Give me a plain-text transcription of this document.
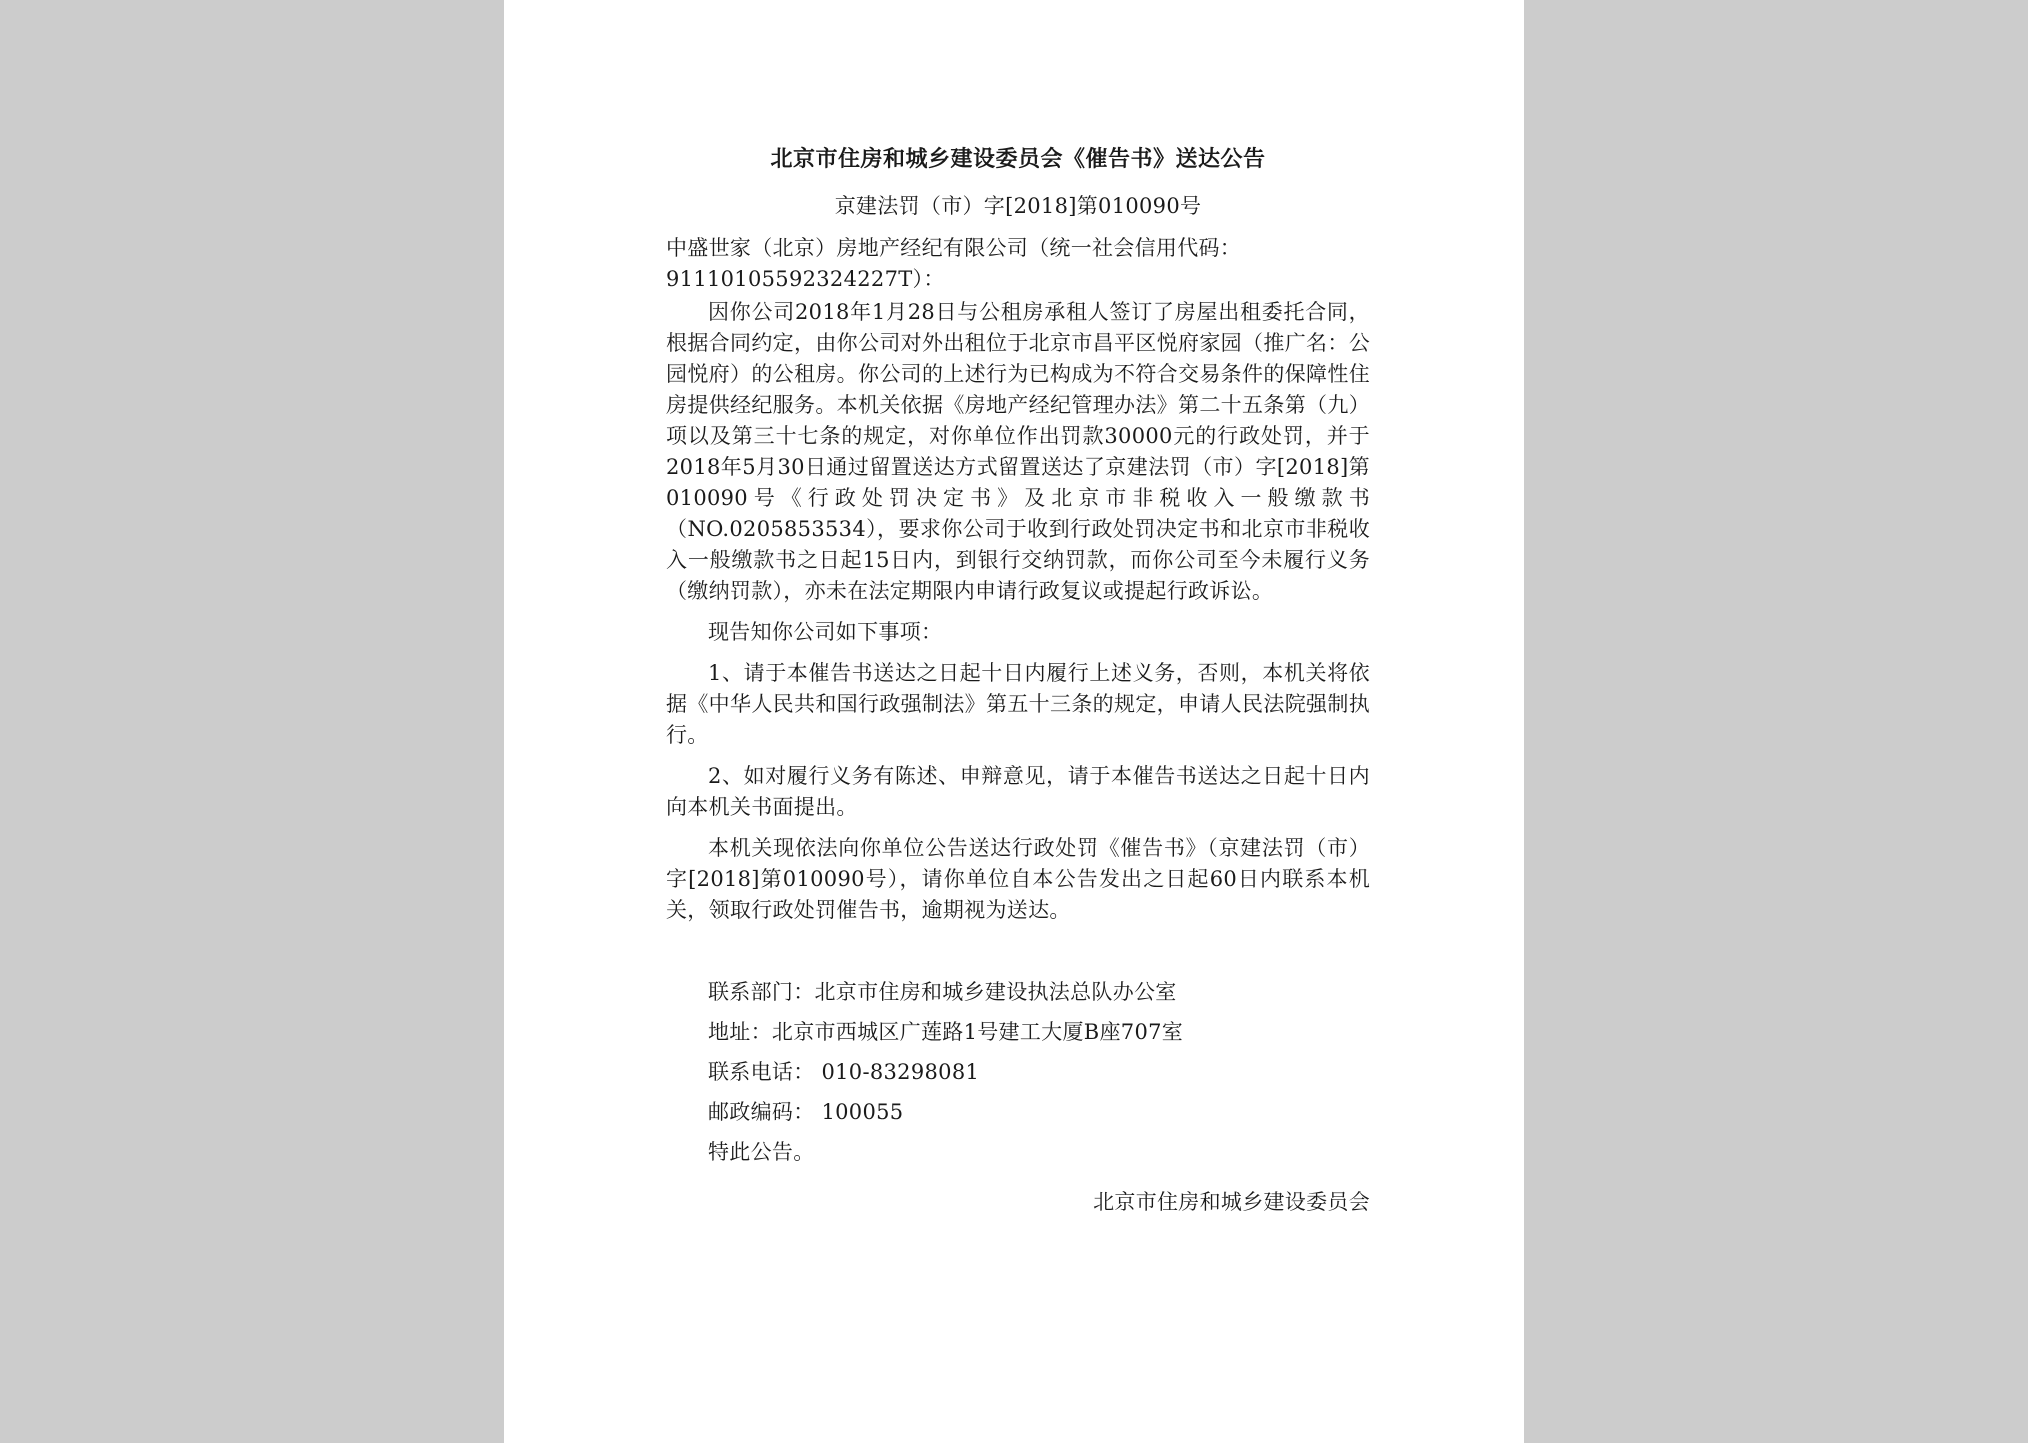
北京市住房和城乡建设委员会《催告书》送达公告
京建法罚（市）字[2018]第010090号

中盛世家（北京）房地产经纪有限公司（统一社会信用代码：91110105592324227T）：

因你公司2018年1月28日与公租房承租人签订了房屋出租委托合同，根据合同约定，由你公司对外出租位于北京市昌平区悦府家园（推广名：公园悦府）的公租房。你公司的上述行为已构成为不符合交易条件的保障性住房提供经纪服务。本机关依据《房地产经纪管理办法》第二十五条第（九）项以及第三十七条的规定，对你单位作出罚款30000元的行政处罚，并于2018年5月30日通过留置送达方式留置送达了京建法罚（市）字[2018]第010090号《行政处罚决定书》及北京市非税收入一般缴款书（NO.0205853534），要求你公司于收到行政处罚决定书和北京市非税收入一般缴款书之日起15日内，到银行交纳罚款，而你公司至今未履行义务（缴纳罚款），亦未在法定期限内申请行政复议或提起行政诉讼。

现告知你公司如下事项：

1、请于本催告书送达之日起十日内履行上述义务，否则，本机关将依据《中华人民共和国行政强制法》第五十三条的规定，申请人民法院强制执行。

2、如对履行义务有陈述、申辩意见，请于本催告书送达之日起十日内向本机关书面提出。

本机关现依法向你单位公告送达行政处罚《催告书》（京建法罚（市）字[2018]第010090号），请你单位自本公告发出之日起60日内联系本机关，领取行政处罚催告书，逾期视为送达。

联系部门：北京市住房和城乡建设执法总队办公室

地址：北京市西城区广莲路1号建工大厦B座707室

联系电话： 010-83298081

邮政编码： 100055

特此公告。

北京市住房和城乡建设委员会
